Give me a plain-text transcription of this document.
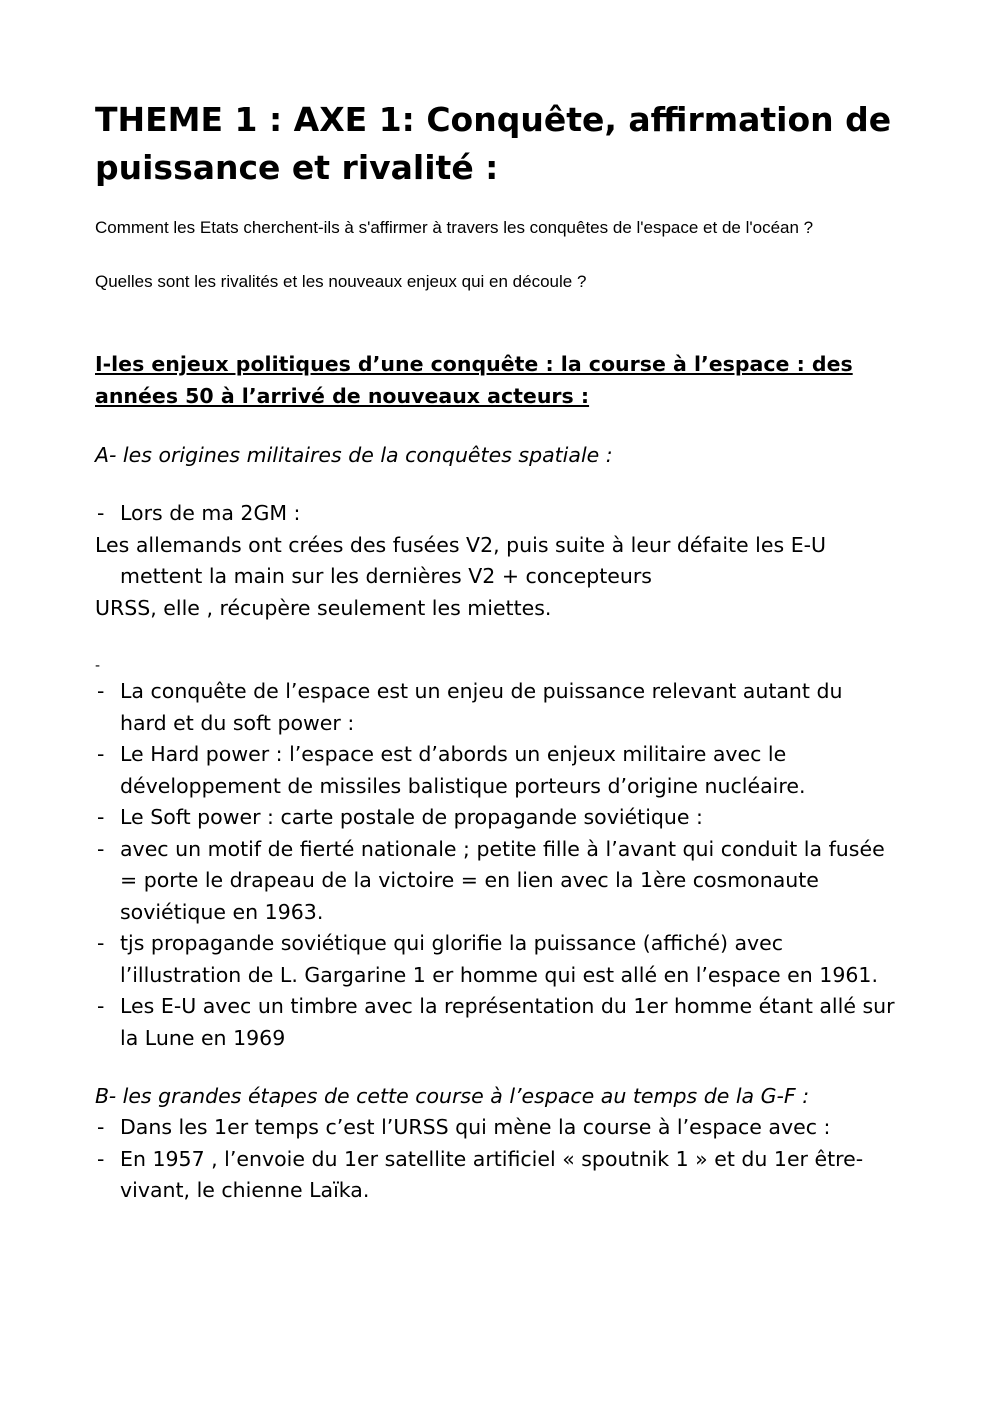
THEME 1 : AXE 1: Conquête, affirmation de puissance et rivalité :

Comment les Etats cherchent-ils à s'affirmer à travers les conquêtes de l'espace et de l'océan ?

Quelles sont les rivalités et les nouveaux enjeux qui en découle ?

I-les enjeux politiques d’une conquête : la course à l’espace : des années 50 à l’arrivé de nouveaux acteurs :
A- les origines militaires de la conquêtes spatiale :
- Lors de ma 2GM :

Les allemands ont crées des fusées V2, puis suite à leur défaite les E-U mettent la main sur les dernières V2 + concepteurs

URSS, elle , récupère seulement les miettes.

-

- La conquête de l’espace est un enjeu de puissance relevant autant du hard et du soft power :
- Le Hard power : l’espace est d’abords un enjeux militaire avec le développement de missiles balistique porteurs d’origine nucléaire.
- Le Soft power : carte postale de propagande soviétique :
- avec un motif de fierté nationale ; petite fille à l’avant qui conduit la fusée = porte le drapeau de la victoire = en lien avec la 1ère cosmonaute soviétique en 1963.
- tjs propagande soviétique qui glorifie la puissance (affiché) avec l’illustration de L. Gargarine 1 er homme qui est allé en l’espace en 1961.
- Les E-U avec un timbre avec la représentation du 1er homme étant allé sur la Lune en 1969
B- les grandes étapes de cette course à l’espace au temps de la G-F :
- Dans les 1er temps c’est l’URSS qui mène la course à l’espace avec :
- En 1957 , l’envoie du 1er satellite artificiel « spoutnik 1 » et du 1er être- vivant, le chienne Laïka.
